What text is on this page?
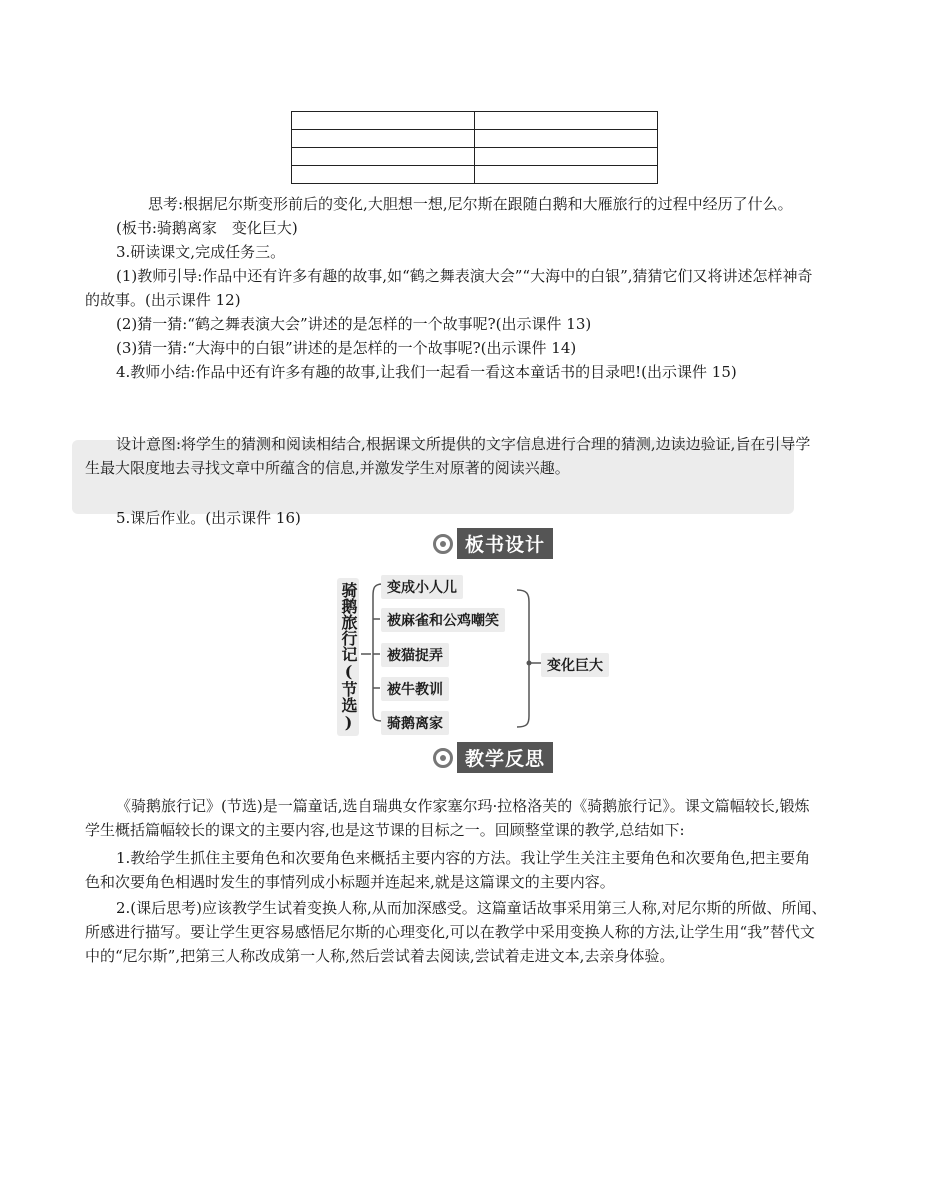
思考:根据尼尔斯变形前后的变化,大胆想一想,尼尔斯在跟随白鹅和大雁旅行的过程中经历了什么。
(板书:骑鹅离家　变化巨大)
3.研读课文,完成任务三。
(1)教师引导:作品中还有许多有趣的故事,如“鹤之舞表演大会”“大海中的白银”,猜猜它们又将讲述怎样神奇
的故事。(出示课件 12)
(2)猜一猜:“鹤之舞表演大会”讲述的是怎样的一个故事呢?(出示课件 13)
(3)猜一猜:“大海中的白银”讲述的是怎样的一个故事呢?(出示课件 14)
4.教师小结:作品中还有许多有趣的故事,让我们一起看一看这本童话书的目录吧!(出示课件 15)
设计意图:将学生的猜测和阅读相结合,根据课文所提供的文字信息进行合理的猜测,边读边验证,旨在引导学
生最大限度地去寻找文章中所蕴含的信息,并激发学生对原著的阅读兴趣。
5.课后作业。(出示课件 16)
板书设计
骑鹅旅行记(节选)	变成小人儿
被麻雀和公鸡嘲笑
被猫捉弄
被牛教训
骑鹅离家
变化巨大
教学反思
《骑鹅旅行记》(节选)是一篇童话,选自瑞典女作家塞尔玛·拉格洛芙的《骑鹅旅行记》。课文篇幅较长,锻炼
学生概括篇幅较长的课文的主要内容,也是这节课的目标之一。回顾整堂课的教学,总结如下:
1.教给学生抓住主要角色和次要角色来概括主要内容的方法。我让学生关注主要角色和次要角色,把主要角
色和次要角色相遇时发生的事情列成小标题并连起来,就是这篇课文的主要内容。
2.(课后思考)应该教学生试着变换人称,从而加深感受。这篇童话故事采用第三人称,对尼尔斯的所做、所闻、
所感进行描写。要让学生更容易感悟尼尔斯的心理变化,可以在教学中采用变换人称的方法,让学生用“我”替代文
中的“尼尔斯”,把第三人称改成第一人称,然后尝试着去阅读,尝试着走进文本,去亲身体验。
